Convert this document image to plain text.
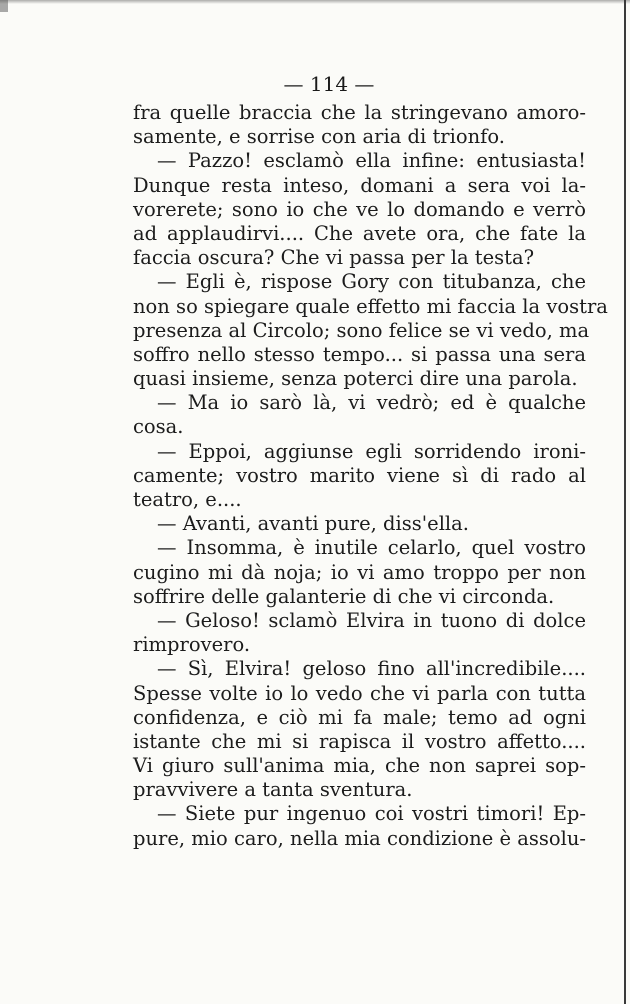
— 114 —
fra quelle braccia che la stringevano amoro-
samente, e sorrise con aria di trionfo.
— Pazzo! esclamò ella infine: entusiasta!
Dunque resta inteso, domani a sera voi la-
vorerete; sono io che ve lo domando e verrò
ad applaudirvi.... Che avete ora, che fate la
faccia oscura? Che vi passa per la testa?
— Egli è, rispose Gory con titubanza, che
non so spiegare quale effetto mi faccia la vostra
presenza al Circolo; sono felice se vi vedo, ma
soffro nello stesso tempo... si passa una sera
quasi insieme, senza poterci dire una parola.
— Ma io sarò là, vi vedrò; ed è qualche
cosa.
— Eppoi, aggiunse egli sorridendo ironi-
camente; vostro marito viene sì di rado al
teatro, e....
— Avanti, avanti pure, diss'ella.
— Insomma, è inutile celarlo, quel vostro
cugino mi dà noja; io vi amo troppo per non
soffrire delle galanterie di che vi circonda.
— Geloso! sclamò Elvira in tuono di dolce
rimprovero.
— Sì, Elvira! geloso fino all'incredibile....
Spesse volte io lo vedo che vi parla con tutta
confidenza, e ciò mi fa male; temo ad ogni
istante che mi si rapisca il vostro affetto....
Vi giuro sull'anima mia, che non saprei sop-
pravvivere a tanta sventura.
— Siete pur ingenuo coi vostri timori! Ep-
pure, mio caro, nella mia condizione è assolu-
